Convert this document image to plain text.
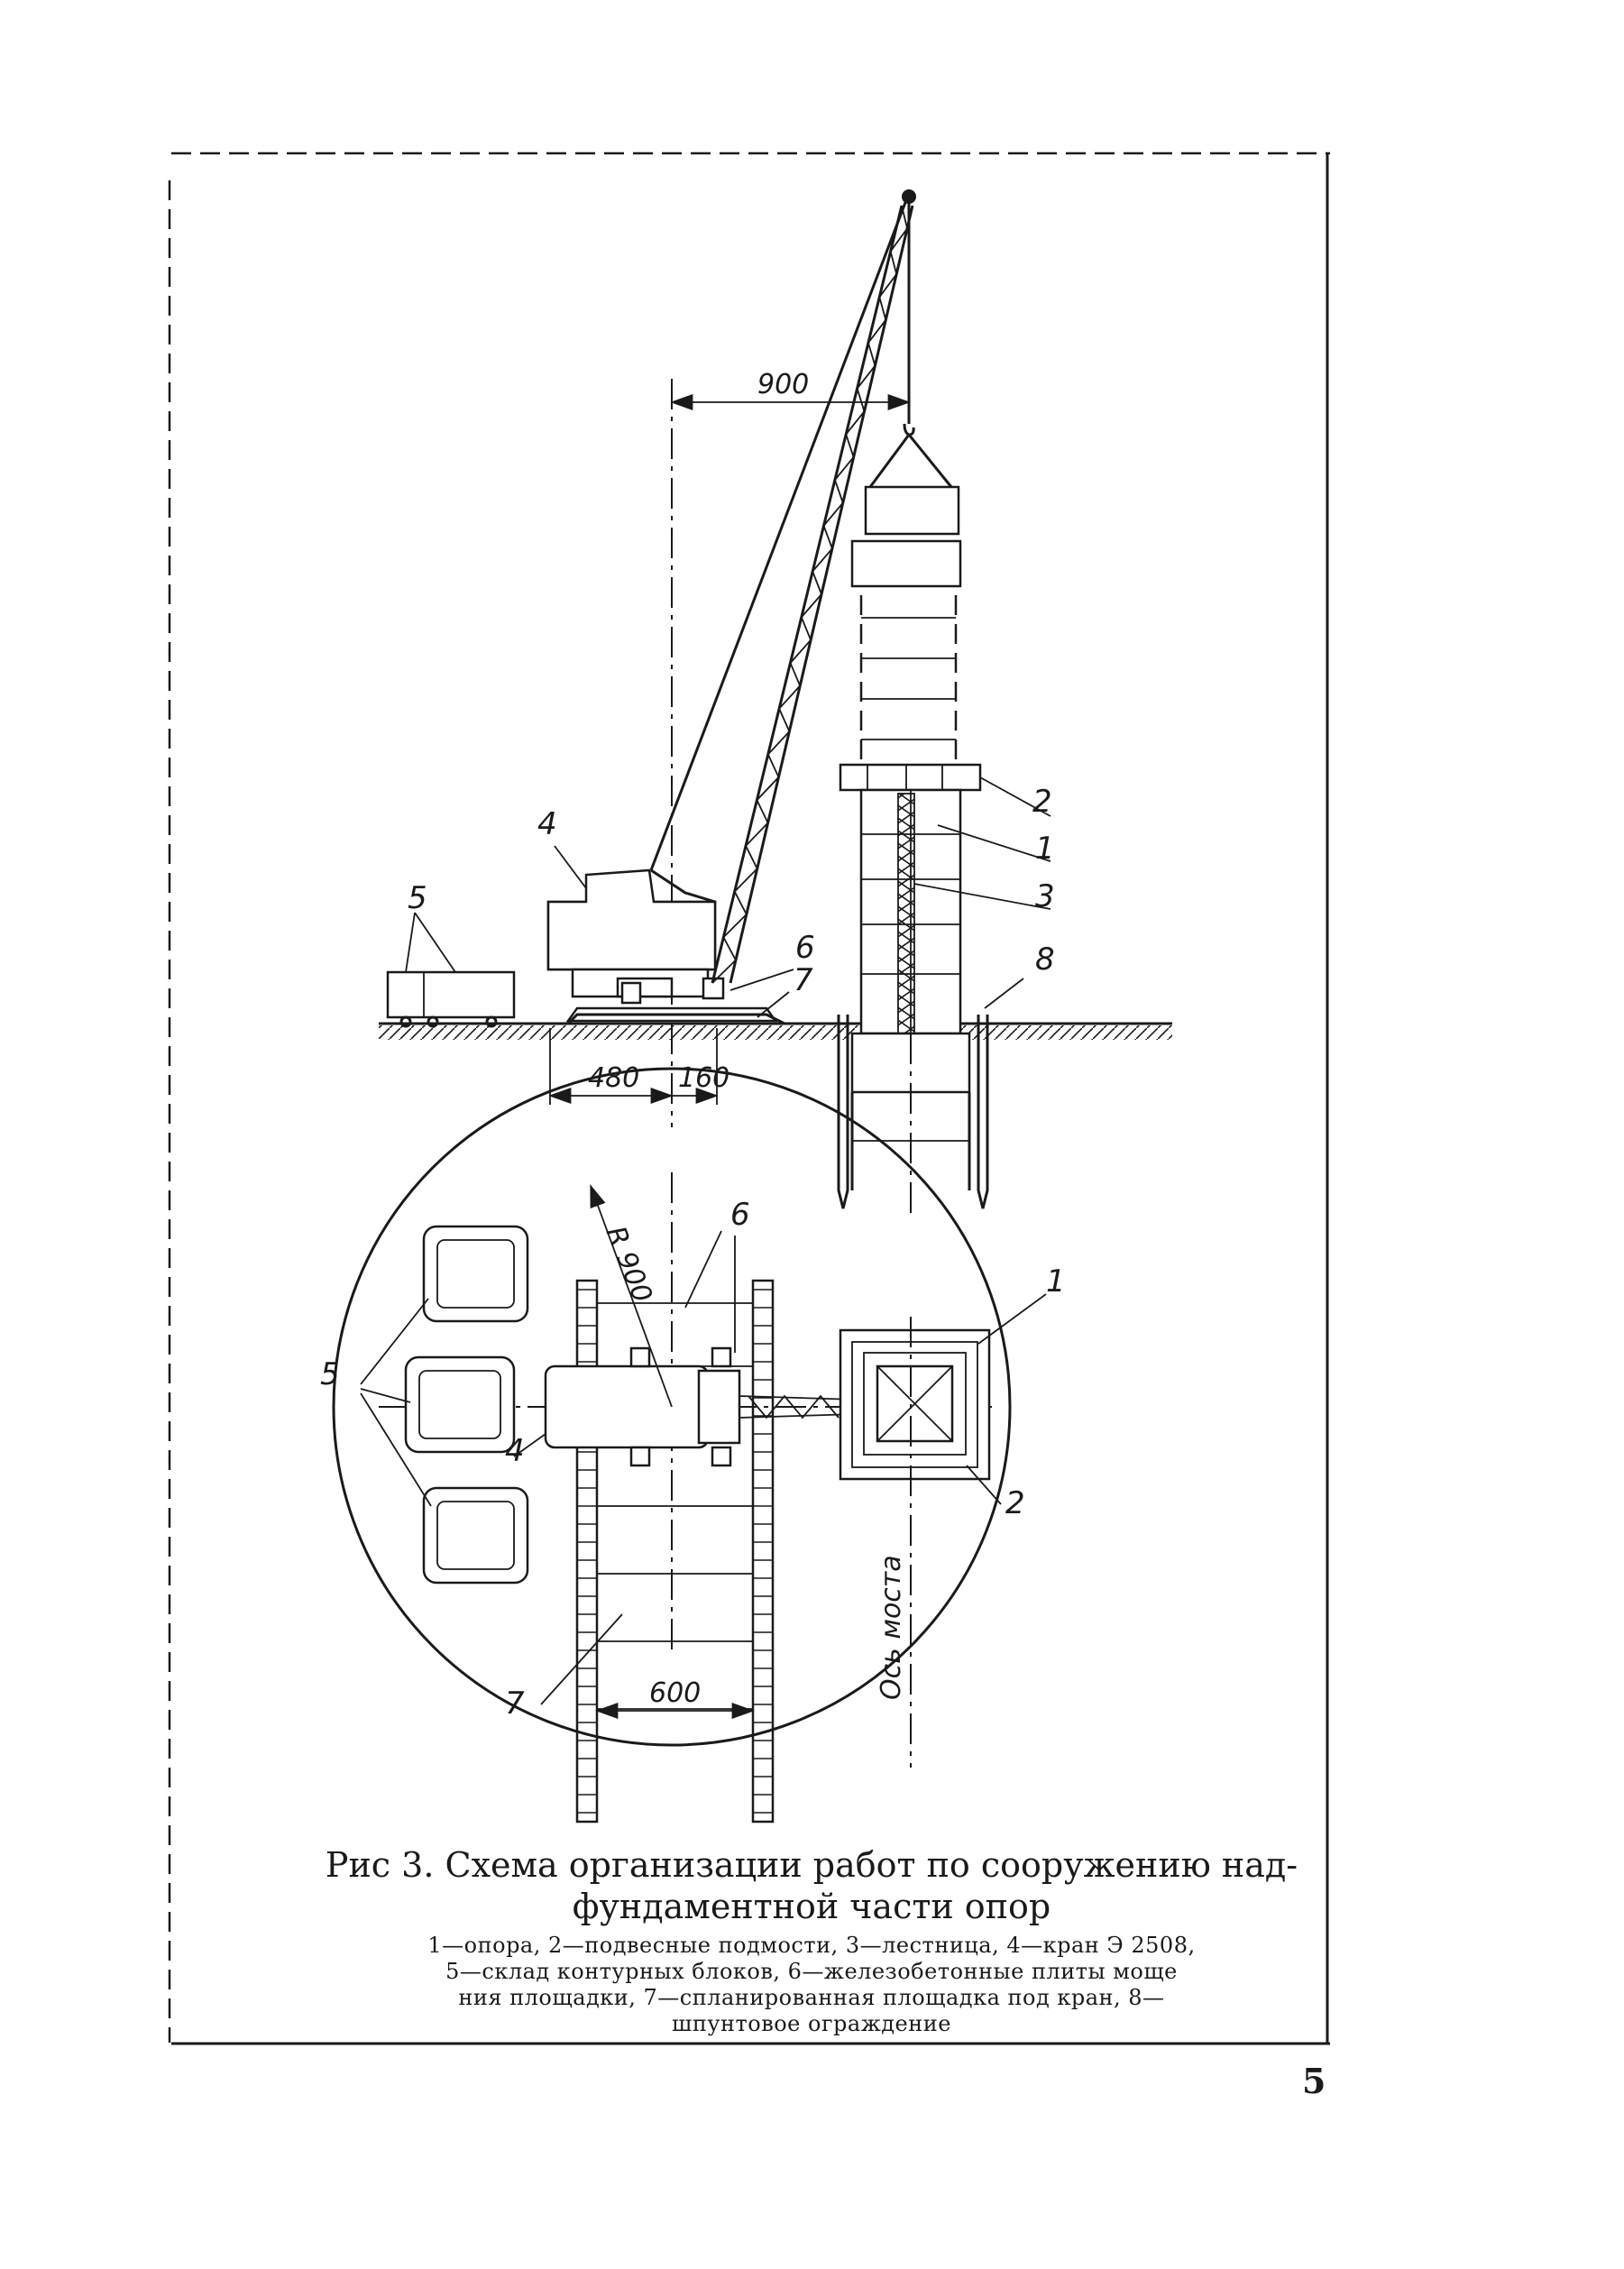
900
480 160
4
5
6
7
2
1
3
8
R 900
600	Ось моста
6
1
2
4
5
7

Рис 3. Схема организации работ по сооружению над-

фундаментной части опор

1—опора, 2—подвесные подмости, 3—лестница, 4—кран Э 2508,

5—склад контурных блоков, 6—железобетонные плиты моще

ния площадки, 7—спланированная площадка под кран, 8—

шпунтовое ограждение

5
